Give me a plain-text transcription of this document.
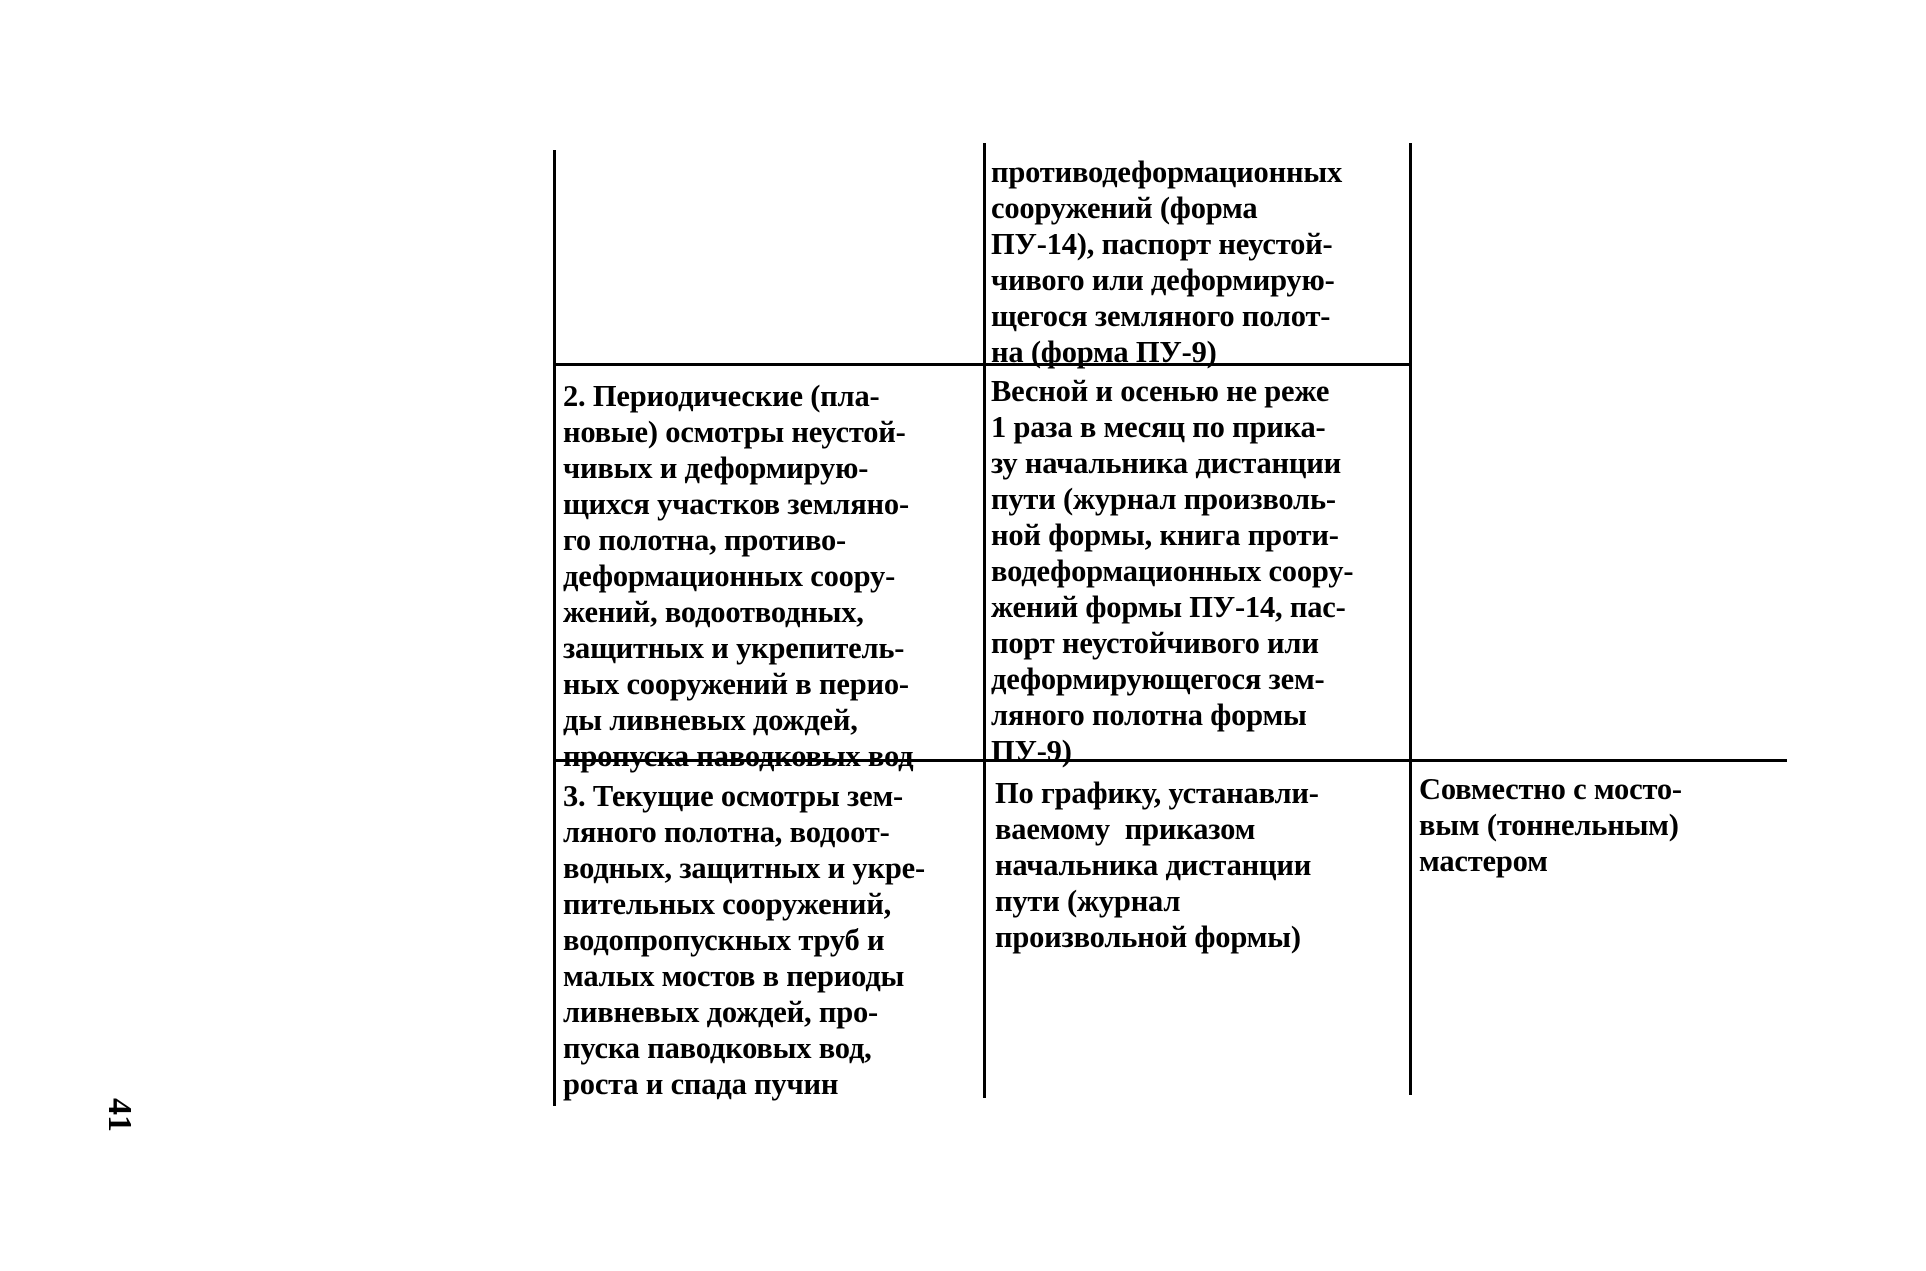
противодеформационных
сооружений (форма
ПУ-14), паспорт неустой-
чивого или деформирую-
щегося земляного полот-
на (форма ПУ-9)
2. Периодические (пла-
новые) осмотры неустой-
чивых и деформирую-
щихся участков земляно-
го полотна, противо-
деформационных соору-
жений, водоотводных,
защитных и укрепитель-
ных сооружений в перио-
ды ливневых дождей,
пропуска паводковых вод
Весной и осенью не реже
1 раза в месяц по прика-
зу начальника дистанции
пути (журнал произволь-
ной формы, книга проти-
водеформационных соору-
жений формы ПУ-14, пас-
порт неустойчивого или
деформирующегося зем-
ляного полотна формы
ПУ-9)
3. Текущие осмотры зем-
ляного полотна, водоот-
водных, защитных и укре-
пительных сооружений,
водопропускных труб и
малых мостов в периоды
ливневых дождей, про-
пуска паводковых вод,
роста и спада пучин
По графику, устанавли-
ваемому  приказом
начальника дистанции
пути (журнал
произвольной формы)
Совместно с мосто-
вым (тоннельным)
мастером
41
